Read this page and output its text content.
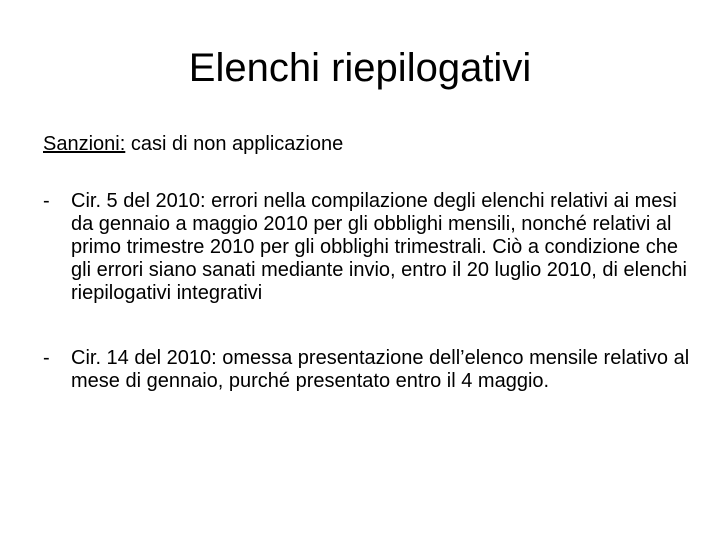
Elenchi riepilogativi

Sanzioni: casi di non applicazione

- Cir. 5 del 2010: errori nella compilazione degli elenchi relativi ai mesi da gennaio a maggio 2010 per gli obblighi mensili, nonché relativi al primo trimestre 2010 per gli obblighi trimestrali. Ciò a condizione che gli errori siano sanati mediante invio, entro il 20 luglio 2010, di elenchi riepilogativi integrativi
- Cir. 14 del 2010: omessa presentazione dell’elenco mensile relativo al mese di gennaio, purché presentato entro il 4 maggio.
